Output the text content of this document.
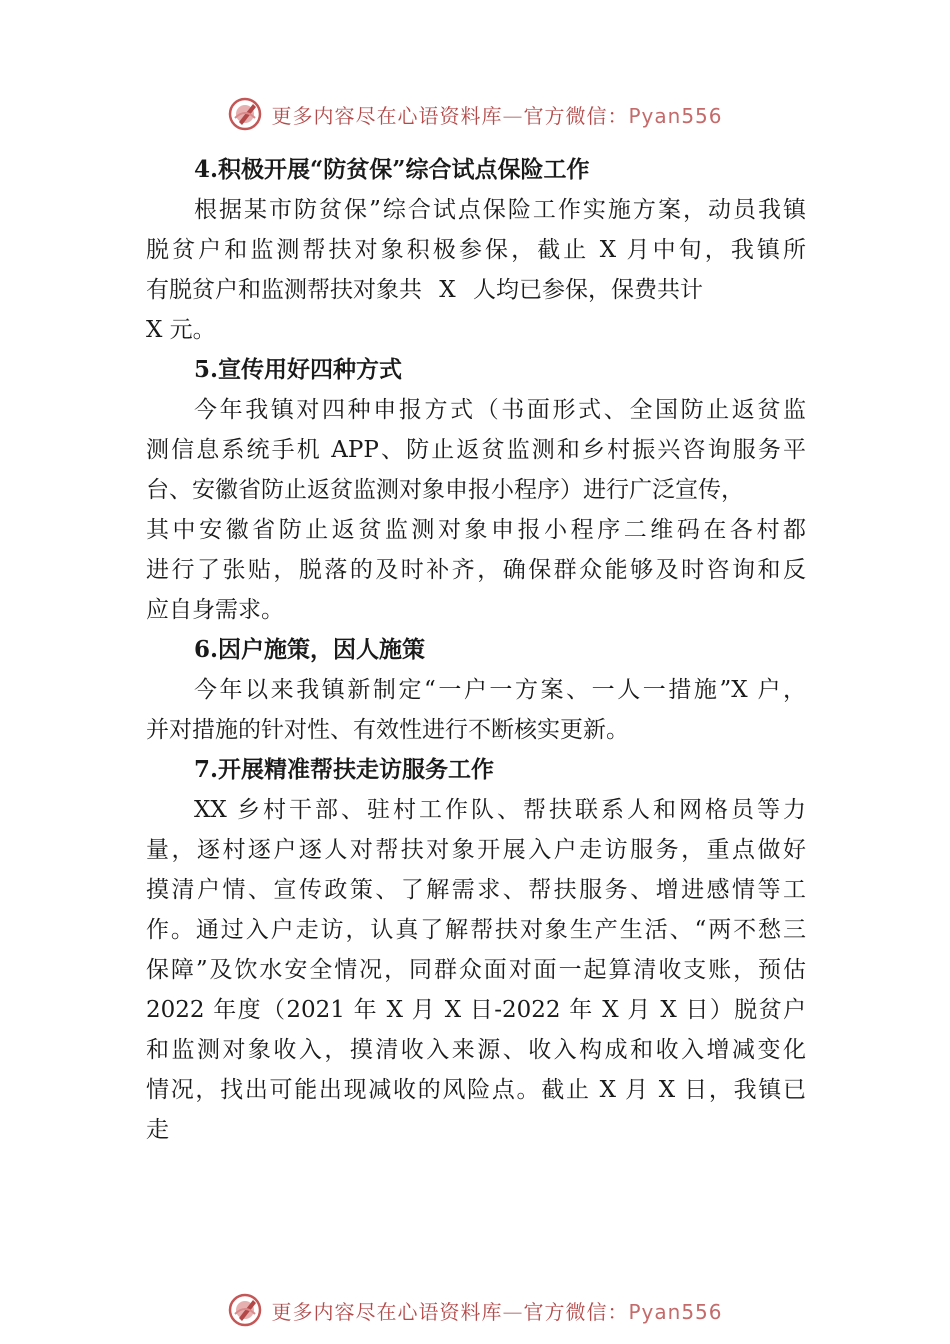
更多内容尽在心语资料库—官方微信：Pyan556

4.积极开展“防贫保”综合试点保险工作

根据某市防贫保”综合试点保险工作实施方案，动员我镇

脱贫户和监测帮扶对象积极参保，截止 X 月中旬，我镇所

有脱贫户和监测帮扶对象共 X 人均已参保，保费共计

X 元。

5.宣传用好四种方式

今年我镇对四种申报方式（书面形式、全国防止返贫监

测信息系统手机 APP、防止返贫监测和乡村振兴咨询服务平

台、安徽省防止返贫监测对象申报小程序）进行广泛宣传，

其中安徽省防止返贫监测对象申报小程序二维码在各村都

进行了张贴，脱落的及时补齐，确保群众能够及时咨询和反

应自身需求。

6.因户施策，因人施策

今年以来我镇新制定“一户一方案、一人一措施”X 户，

并对措施的针对性、有效性进行不断核实更新。

7.开展精准帮扶走访服务工作

XX 乡村干部、驻村工作队、帮扶联系人和网格员等力

量，逐村逐户逐人对帮扶对象开展入户走访服务，重点做好

摸清户情、宣传政策、了解需求、帮扶服务、增进感情等工

作。通过入户走访，认真了解帮扶对象生产生活、“两不愁三

保障”及饮水安全情况，同群众面对面一起算清收支账，预估

2022 年度（2021 年 X 月 X 日-2022 年 X 月 X 日）脱贫户

和监测对象收入，摸清收入来源、收入构成和收入增减变化

情况，找出可能出现减收的风险点。截止 X 月 X 日，我镇已

走

更多内容尽在心语资料库—官方微信：Pyan556
